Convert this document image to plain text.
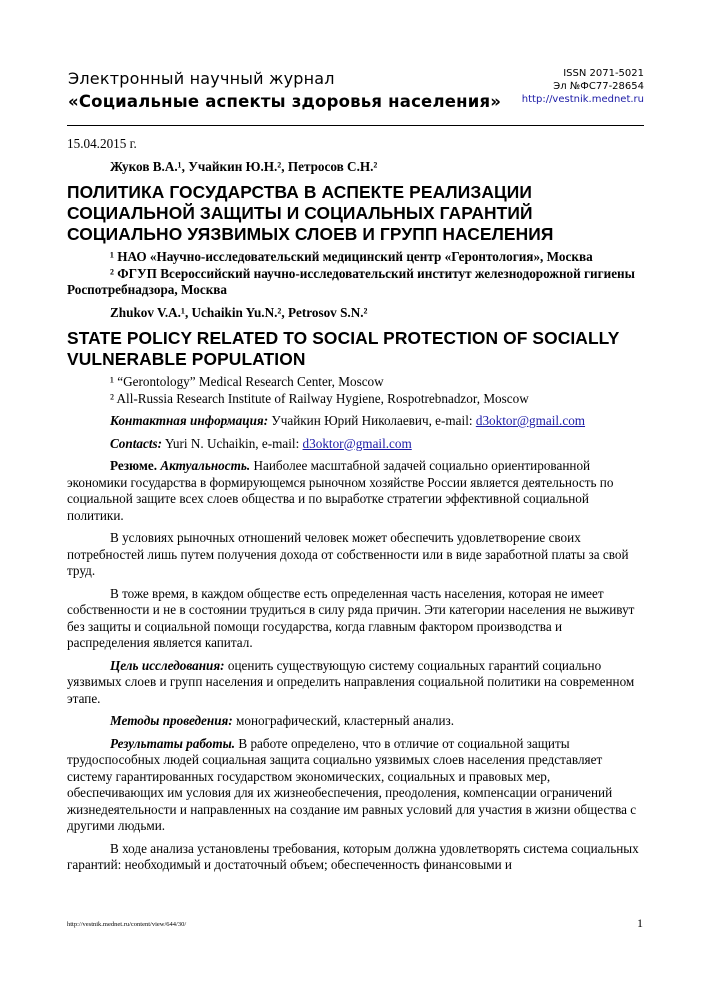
Электронный научный журнал
«Социальные аспекты здоровья населения»
ISSN 2071-5021
Эл №ФС77-28654
http://vestnik.mednet.ru

15.04.2015 г.

Жуков В.А.¹, Учайкин Ю.Н.², Петросов С.Н.²

ПОЛИТИКА ГОСУДАРСТВА В АСПЕКТЕ РЕАЛИЗАЦИИ СОЦИАЛЬНОЙ ЗАЩИТЫ И СОЦИАЛЬНЫХ ГАРАНТИЙ СОЦИАЛЬНО УЯЗВИМЫХ СЛОЕВ И ГРУПП НАСЕЛЕНИЯ

¹ НАО «Научно-исследовательский медицинский центр «Геронтология», Москва

² ФГУП Всероссийский научно-исследовательский институт железнодорожной гигиены Роспотребнадзора, Москва

Zhukov V.A.¹, Uchaikin Yu.N.², Petrosov S.N.²

STATE POLICY RELATED TO SOCIAL PROTECTION OF SOCIALLY VULNERABLE POPULATION

¹ “Gerontology” Medical Research Center, Moscow

² All-Russia Research Institute of Railway Hygiene, Rospotrebnadzor, Moscow

Контактная информация: Учайкин Юрий Николаевич, e-mail: d3oktor@gmail.com

Contacts: Yuri N. Uchaikin, e-mail: d3oktor@gmail.com

Резюме. Актуальность. Наиболее масштабной задачей социально ориентированной экономики государства в формирующемся рыночном хозяйстве России является деятельность по социальной защите всех слоев общества и по выработке стратегии эффективной социальной политики.

В условиях рыночных отношений человек может обеспечить удовлетворение своих потребностей лишь путем получения дохода от собственности или в виде заработной платы за свой труд.

В тоже время, в каждом обществе есть определенная часть населения, которая не имеет собственности и не в состоянии трудиться в силу ряда причин. Эти категории населения не выживут без защиты и социальной помощи государства, когда главным фактором производства и распределения является капитал.

Цель исследования: оценить существующую систему социальных гарантий социально уязвимых слоев и групп населения и определить направления социальной политики на современном этапе.

Методы проведения: монографический, кластерный анализ.

Результаты работы. В работе определено, что в отличие от социальной защиты трудоспособных людей социальная защита социально уязвимых слоев населения представляет систему гарантированных государством экономических, социальных и правовых мер, обеспечивающих им условия для их жизнеобеспечения, преодоления, компенсации ограничений жизнедеятельности и направленных на создание им равных условий для участия в жизни общества с другими людьми.

В ходе анализа установлены требования, которым должна удовлетворять система социальных гарантий: необходимый и достаточный объем; обеспеченность финансовыми и

http://vestnik.mednet.ru/content/view/644/30/	1
